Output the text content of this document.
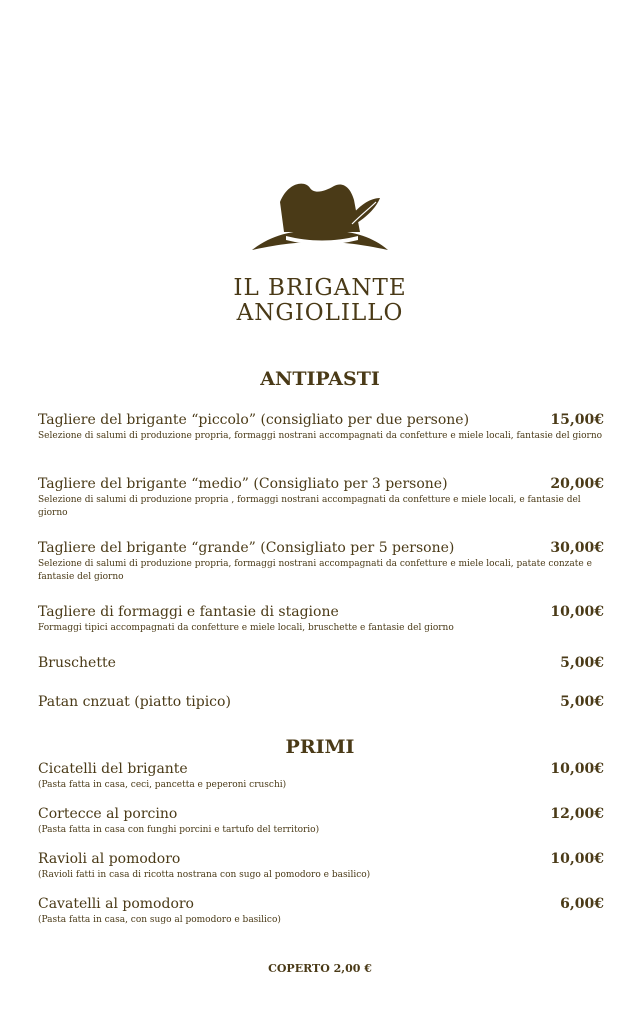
IL BRIGANTE
ANGIOLILLO
ANTIPASTI
Tagliere del brigante “piccolo” (consigliato per due persone)	15,00€
Selezione di salumi di produzione propria, formaggi nostrani accompagnati da confetture e miele locali, fantasie del giorno
Tagliere del brigante “medio” (Consigliato per 3 persone)	20,00€
Selezione di salumi di produzione propria , formaggi nostrani accompagnati da confetture e miele locali, e fantasie del giorno
Tagliere del brigante “grande” (Consigliato per 5 persone)	30,00€
Selezione di salumi di produzione propria, formaggi nostrani accompagnati da confetture e miele locali, patate conzate e fantasie del giorno
Tagliere di formaggi e fantasie di stagione	10,00€
Formaggi tipici accompagnati da confetture e miele locali, bruschette e fantasie del giorno
Bruschette	5,00€
Patan cnzuat (piatto tipico)	5,00€
PRIMI
Cicatelli del brigante	10,00€
(Pasta fatta in casa, ceci, pancetta e peperoni cruschi)
Cortecce al porcino	12,00€
(Pasta fatta in casa con funghi porcini e tartufo del territorio)
Ravioli al pomodoro	10,00€
(Ravioli fatti in casa di ricotta nostrana con sugo al pomodoro e basilico)
Cavatelli al pomodoro	6,00€
(Pasta fatta in casa, con sugo al pomodoro e basilico)
COPERTO 2,00 €
